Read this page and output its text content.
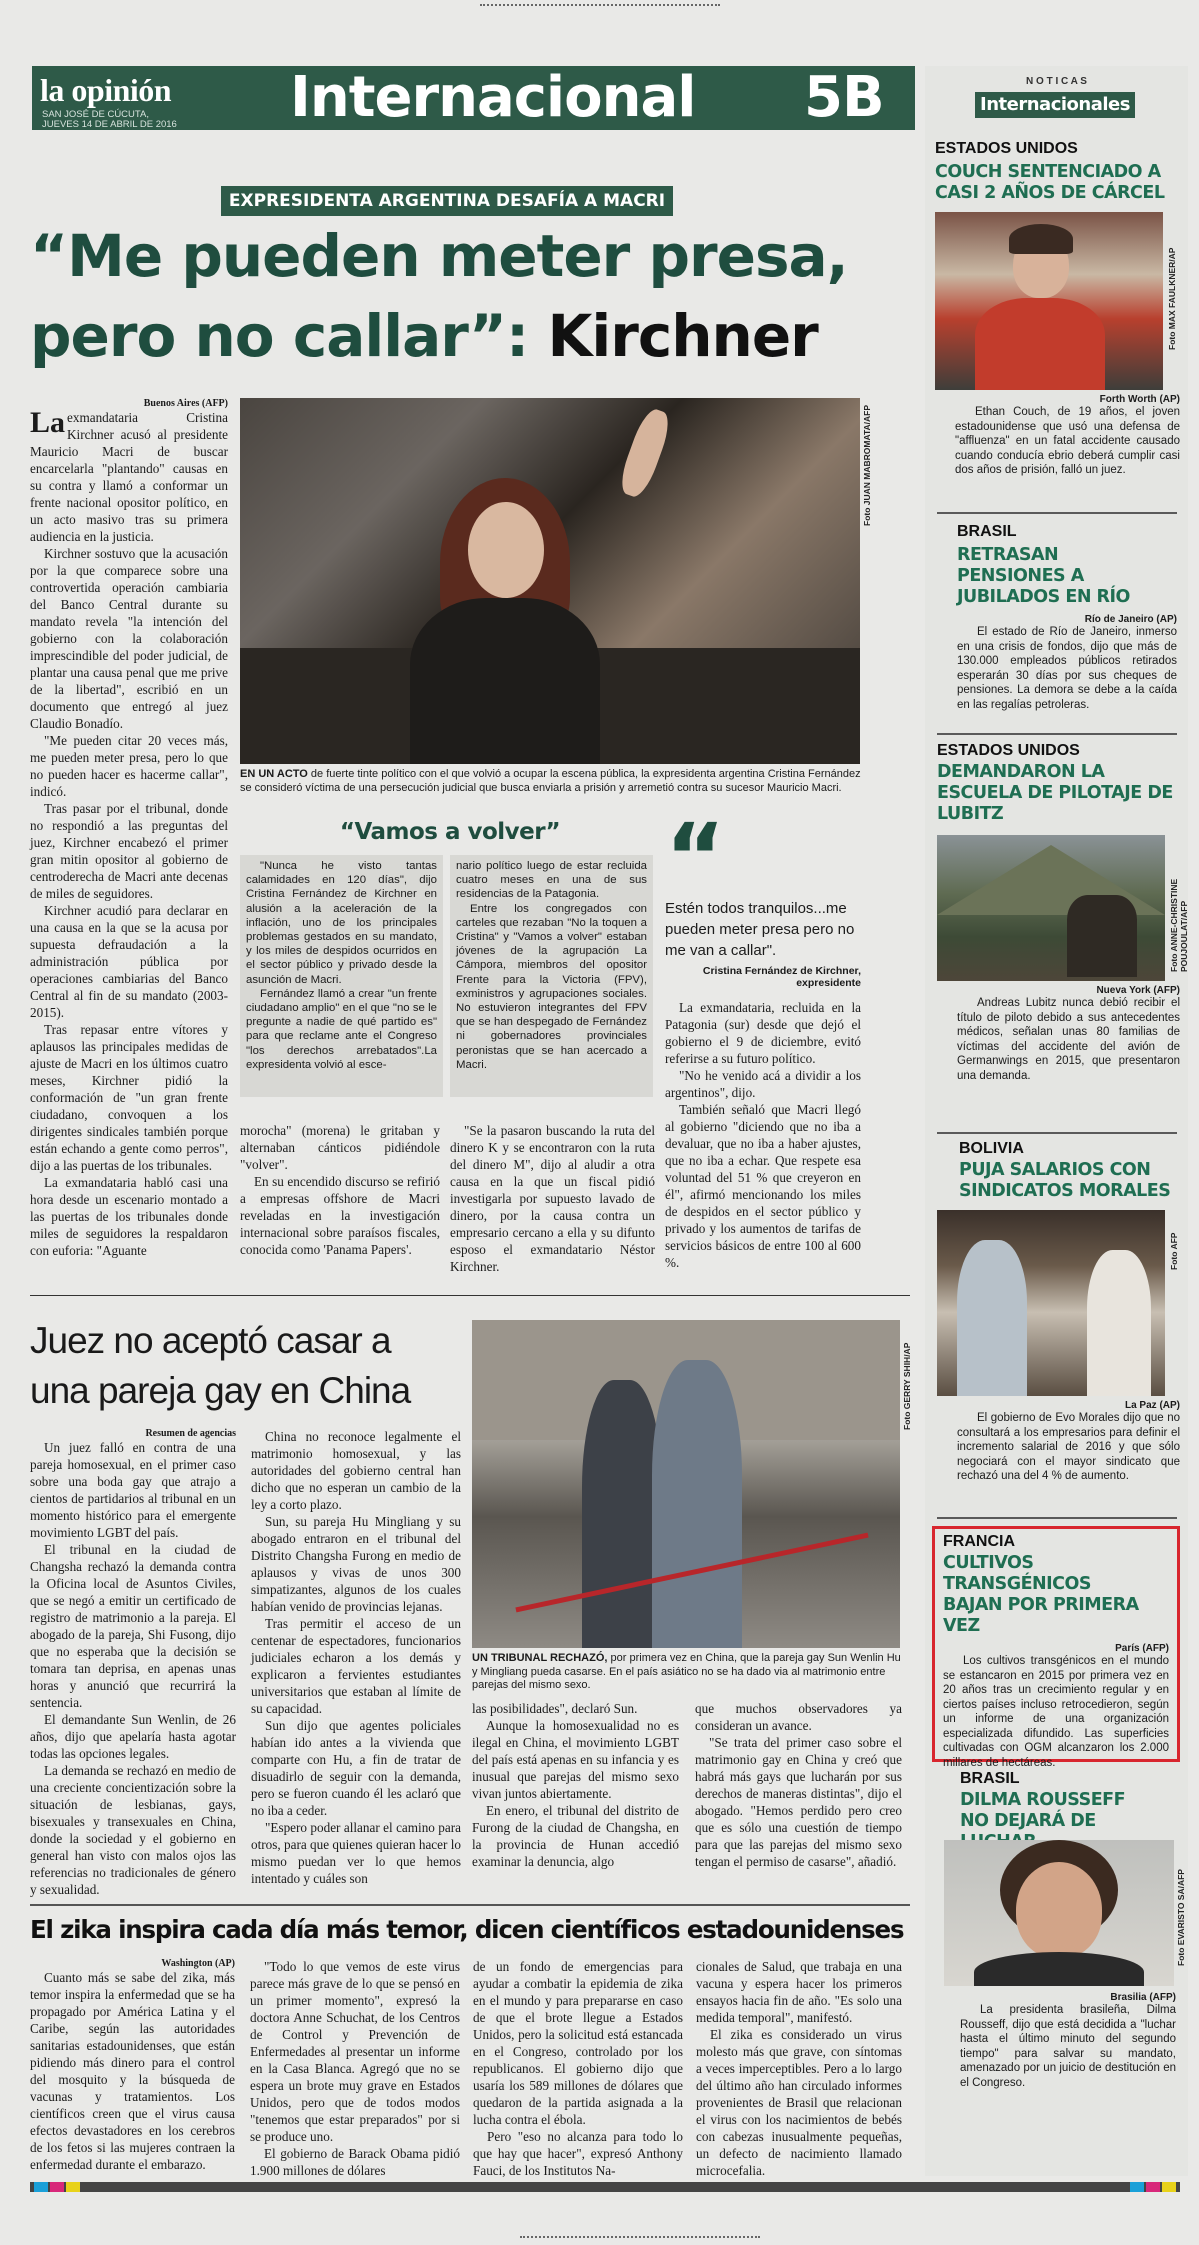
la opinión
SAN JOSÉ DE CÚCUTA,
JUEVES 14 DE ABRIL DE 2016 Internacional 5B	N O T I C A S
Internacionales
ESTADOS UNIDOS
COUCH SENTENCIADO A CASI 2 AÑOS DE CÁRCEL
Foto MAX FAULKNER/AP
Forth Worth (AP)
Ethan Couch, de 19 años, el joven estadounidense que usó una defensa de "affluenza" en un fatal accidente causado cuando conducía ebrio deberá cumplir casi dos años de prisión, falló un juez.
BRASIL
RETRASAN PENSIONES A JUBILADOS EN RÍO
Río de Janeiro (AP)
El estado de Río de Janeiro, inmerso en una crisis de fondos, dijo que más de 130.000 empleados públicos retirados esperarán 30 días por sus cheques de pensiones. La demora se debe a la caída en las regalías petroleras.
ESTADOS UNIDOS
DEMANDARON LA ESCUELA DE PILOTAJE DE LUBITZ
Foto ANNE-CHRISTINE POUJOULAT/AFP
Nueva York (AFP)
Andreas Lubitz nunca debió recibir el título de piloto debido a sus antecedentes médicos, señalan unas 80 familias de víctimas del accidente del avión de Germanwings en 2015, que presentaron una demanda.
BOLIVIA
PUJA SALARIOS CON SINDICATOS MORALES
Foto AFP
La Paz (AP)
El gobierno de Evo Morales dijo que no consultará a los empresarios para definir el incremento salarial de 2016 y que sólo negociará con el mayor sindicato que rechazó una del 4 % de aumento.
FRANCIA
CULTIVOS TRANSGÉNICOS BAJAN POR PRIMERA VEZ
París (AFP)
Los cultivos transgénicos en el mundo se estancaron en 2015 por primera vez en 20 años tras un crecimiento regular y en ciertos países incluso retrocedieron, según un informe de una organización especializada difundido. Las superficies cultivadas con OGM alcanzaron los 2.000 millares de hectáreas.
BRASIL
DILMA ROUSSEFF NO DEJARÁ DE
Foto EVARISTO SA/AFP
Brasilia (AFP)
La presidenta brasileña, Dilma Rousseff, dijo que está decidida a "luchar hasta el último minuto del segundo tiempo" para salvar su mandato, amenazado por un juicio de destitución en el Congreso.
EXPRESIDENTA ARGENTINA DESAFÍA A MACRI
“Me pueden meter presa,
pero no callar”: Kirchner
Buenos Aires (AFP)

La exmandataria Cristina Kirchner acusó al presidente Mauricio Macri de buscar encarcelarla "plantando" causas en su contra y llamó a conformar un frente nacional opositor político, en un acto masivo tras su primera audiencia en la justicia.

Kirchner sostuvo que la acusación por la que comparece sobre una controvertida operación cambiaria del Banco Central durante su mandato revela "la intención del gobierno con la colaboración imprescindible del poder judicial, de plantar una causa penal que me prive de la libertad", escribió en un documento que entregó al juez Claudio Bonadío.

"Me pueden citar 20 veces más, me pueden meter presa, pero lo que no pueden hacer es hacerme callar", indicó.

Tras pasar por el tribunal, donde no respondió a las preguntas del juez, Kirchner encabezó el primer gran mitin opositor al gobierno de centroderecha de Macri ante decenas de miles de seguidores.

Kirchner acudió para declarar en una causa en la que se la acusa por supuesta defraudación a la administración pública por operaciones cambiarias del Banco Central al fin de su mandato (2003-2015).

Tras repasar entre vítores y aplausos las principales medidas de ajuste de Macri en los últimos cuatro meses, Kirchner pidió la conformación de "un gran frente ciudadano, convoquen a los dirigentes sindicales también porque están echando a gente como perros", dijo a las puertas de los tribunales.

La exmandataria habló casi una hora desde un escenario montado a las puertas de los tribunales donde miles de seguidores la respaldaron con euforia: "Aguante

Foto JUAN MABROMATA/AFP
EN UN ACTO de fuerte tinte político con el que volvió a ocupar la escena pública, la expresidenta argentina Cristina Fernández se consideró víctima de una persecución judicial que busca enviarla a prisión y arremetió contra su sucesor Mauricio Macri.
“Vamos a volver”
"Nunca he visto tantas calamidades en 120 días", dijo Cristina Fernández de Kirchner en alusión a la aceleración de la inflación, uno de los principales problemas gestados en su mandato, y los miles de despidos ocurridos en el sector público y privado desde la asunción de Macri.
Fernández llamó a crear "un frente ciudadano amplio" en el que "no se le pregunte a nadie de qué partido es" para que reclame ante el Congreso "los derechos arrebatados".La expresidenta volvió al esce-
nario político luego de estar recluida cuatro meses en una de sus residencias de la Patagonia.
Entre los congregados con carteles que rezaban "No la toquen a Cristina" y "Vamos a volver" estaban jóvenes de la agrupación La Cámpora, miembros del opositor Frente para la Victoria (FPV), exministros y agrupaciones sociales. No estuvieron integrantes del FPV que se han despegado de Fernández ni gobernadores provinciales peronistas que se han acercado a Macri.
“
Estén todos tranquilos...me pueden meter presa pero no me van a callar".
Cristina Fernández de Kirchner,
expresidente

La exmandataria, recluida en la Patagonia (sur) desde que dejó el gobierno el 9 de diciembre, evitó referirse a su futuro político.

"No he venido acá a dividir a los argentinos", dijo.

También señaló que Macri llegó al gobierno "diciendo que no iba a devaluar, que no iba a haber ajustes, que no iba a echar. Que respete esa voluntad del 51 % que creyeron en él", afirmó mencionando los miles de despidos en el sector público y privado y los aumentos de tarifas de servicios básicos de entre 100 al 600 %.

morocha" (morena) le gritaban y alternaban cánticos pidiéndole "volver".

En su encendido discurso se refirió a empresas offshore de Macri reveladas en la investigación internacional sobre paraísos fiscales, conocida como 'Panama Papers'.

"Se la pasaron buscando la ruta del dinero K y se encontraron con la ruta del dinero M", dijo al aludir a otra causa en la que un fiscal pidió investigarla por supuesto lavado de dinero, por la causa contra un empresario cercano a ella y su difunto esposo el exmandatario Néstor Kirchner.

Juez no aceptó casar a
una pareja gay en China
Resumen de agencias

Un juez falló en contra de una pareja homosexual, en el primer caso sobre una boda gay que atrajo a cientos de partidarios al tribunal en un momento histórico para el emergente movimiento LGBT del país.

El tribunal en la ciudad de Changsha rechazó la demanda contra la Oficina local de Asuntos Civiles, que se negó a emitir un certificado de registro de matrimonio a la pareja. El abogado de la pareja, Shi Fusong, dijo que no esperaba que la decisión se tomara tan deprisa, en apenas unas horas y anunció que recurrirá la sentencia.

El demandante Sun Wenlin, de 26 años, dijo que apelaría hasta agotar todas las opciones legales.

La demanda se rechazó en medio de una creciente concientización sobre la situación de lesbianas, gays, bisexuales y transexuales en China, donde la sociedad y el gobierno en general han visto con malos ojos las referencias no tradicionales de género y sexualidad.

China no reconoce legalmente el matrimonio homosexual, y las autoridades del gobierno central han dicho que no esperan un cambio de la ley a corto plazo.

Sun, su pareja Hu Mingliang y su abogado entraron en el tribunal del Distrito Changsha Furong en medio de aplausos y vivas de unos 300 simpatizantes, algunos de los cuales habían venido de provincias lejanas.

Tras permitir el acceso de un centenar de espectadores, funcionarios judiciales echaron a los demás y explicaron a fervientes estudiantes universitarios que estaban al límite de su capacidad.

Sun dijo que agentes policiales habían ido antes a la vivienda que comparte con Hu, a fin de tratar de disuadirlo de seguir con la demanda, pero se fueron cuando él les aclaró que no iba a ceder.

"Espero poder allanar el camino para otros, para que quienes quieran hacer lo mismo puedan ver lo que hemos intentado y cuáles son

Foto GERRY SHIH/AP
UN TRIBUNAL RECHAZÓ, por primera vez en China, que la pareja gay Sun Wenlin Hu y Mingliang pueda casarse. En el país asiático no se ha dado via al matrimonio entre parejas del mismo sexo.

las posibilidades", declaró Sun.

Aunque la homosexualidad no es ilegal en China, el movimiento LGBT del país está apenas en su infancia y es inusual que parejas del mismo sexo vivan juntos abiertamente.

En enero, el tribunal del distrito de Furong de la ciudad de Changsha, en la provincia de Hunan accedió examinar la denuncia, algo

que muchos observadores ya consideran un avance.

"Se trata del primer caso sobre el matrimonio gay en China y creó que habrá más gays que lucharán por sus derechos de maneras distintas", dijo el abogado. "Hemos perdido pero creo que es sólo una cuestión de tiempo para que las parejas del mismo sexo tengan el permiso de casarse", añadió.

El zika inspira cada día más temor, dicen científicos estadounidenses
Washington (AP)

Cuanto más se sabe del zika, más temor inspira la enfermedad que se ha propagado por América Latina y el Caribe, según las autoridades sanitarias estadounidenses, que están pidiendo más dinero para el control del mosquito y la búsqueda de vacunas y tratamientos. Los científicos creen que el virus causa efectos devastadores en los cerebros de los fetos si las mujeres contraen la enfermedad durante el embarazo.

"Todo lo que vemos de este virus parece más grave de lo que se pensó en un primer momento", expresó la doctora Anne Schuchat, de los Centros de Control y Prevención de Enfermedades al presentar un informe en la Casa Blanca. Agregó que no se espera un brote muy grave en Estados Unidos, pero que de todos modos "tenemos que estar preparados" por si se produce uno.

El gobierno de Barack Obama pidió 1.900 millones de dólares

de un fondo de emergencias para ayudar a combatir la epidemia de zika en el mundo y para prepararse en caso de que el brote llegue a Estados Unidos, pero la solicitud está estancada en el Congreso, controlado por los republicanos. El gobierno dijo que usaría los 589 millones de dólares que quedaron de la partida asignada a la lucha contra el ébola.

Pero "eso no alcanza para todo lo que hay que hacer", expresó Anthony Fauci, de los Institutos Na-

cionales de Salud, que trabaja en una vacuna y espera hacer los primeros ensayos hacia fin de año. "Es solo una medida temporal", manifestó.

El zika es considerado un virus molesto más que grave, con síntomas a veces imperceptibles. Pero a lo largo del último año han circulado informes provenientes de Brasil que relacionan el virus con los nacimientos de bebés con cabezas inusualmente pequeñas, un defecto de nacimiento llamado microcefalia.
